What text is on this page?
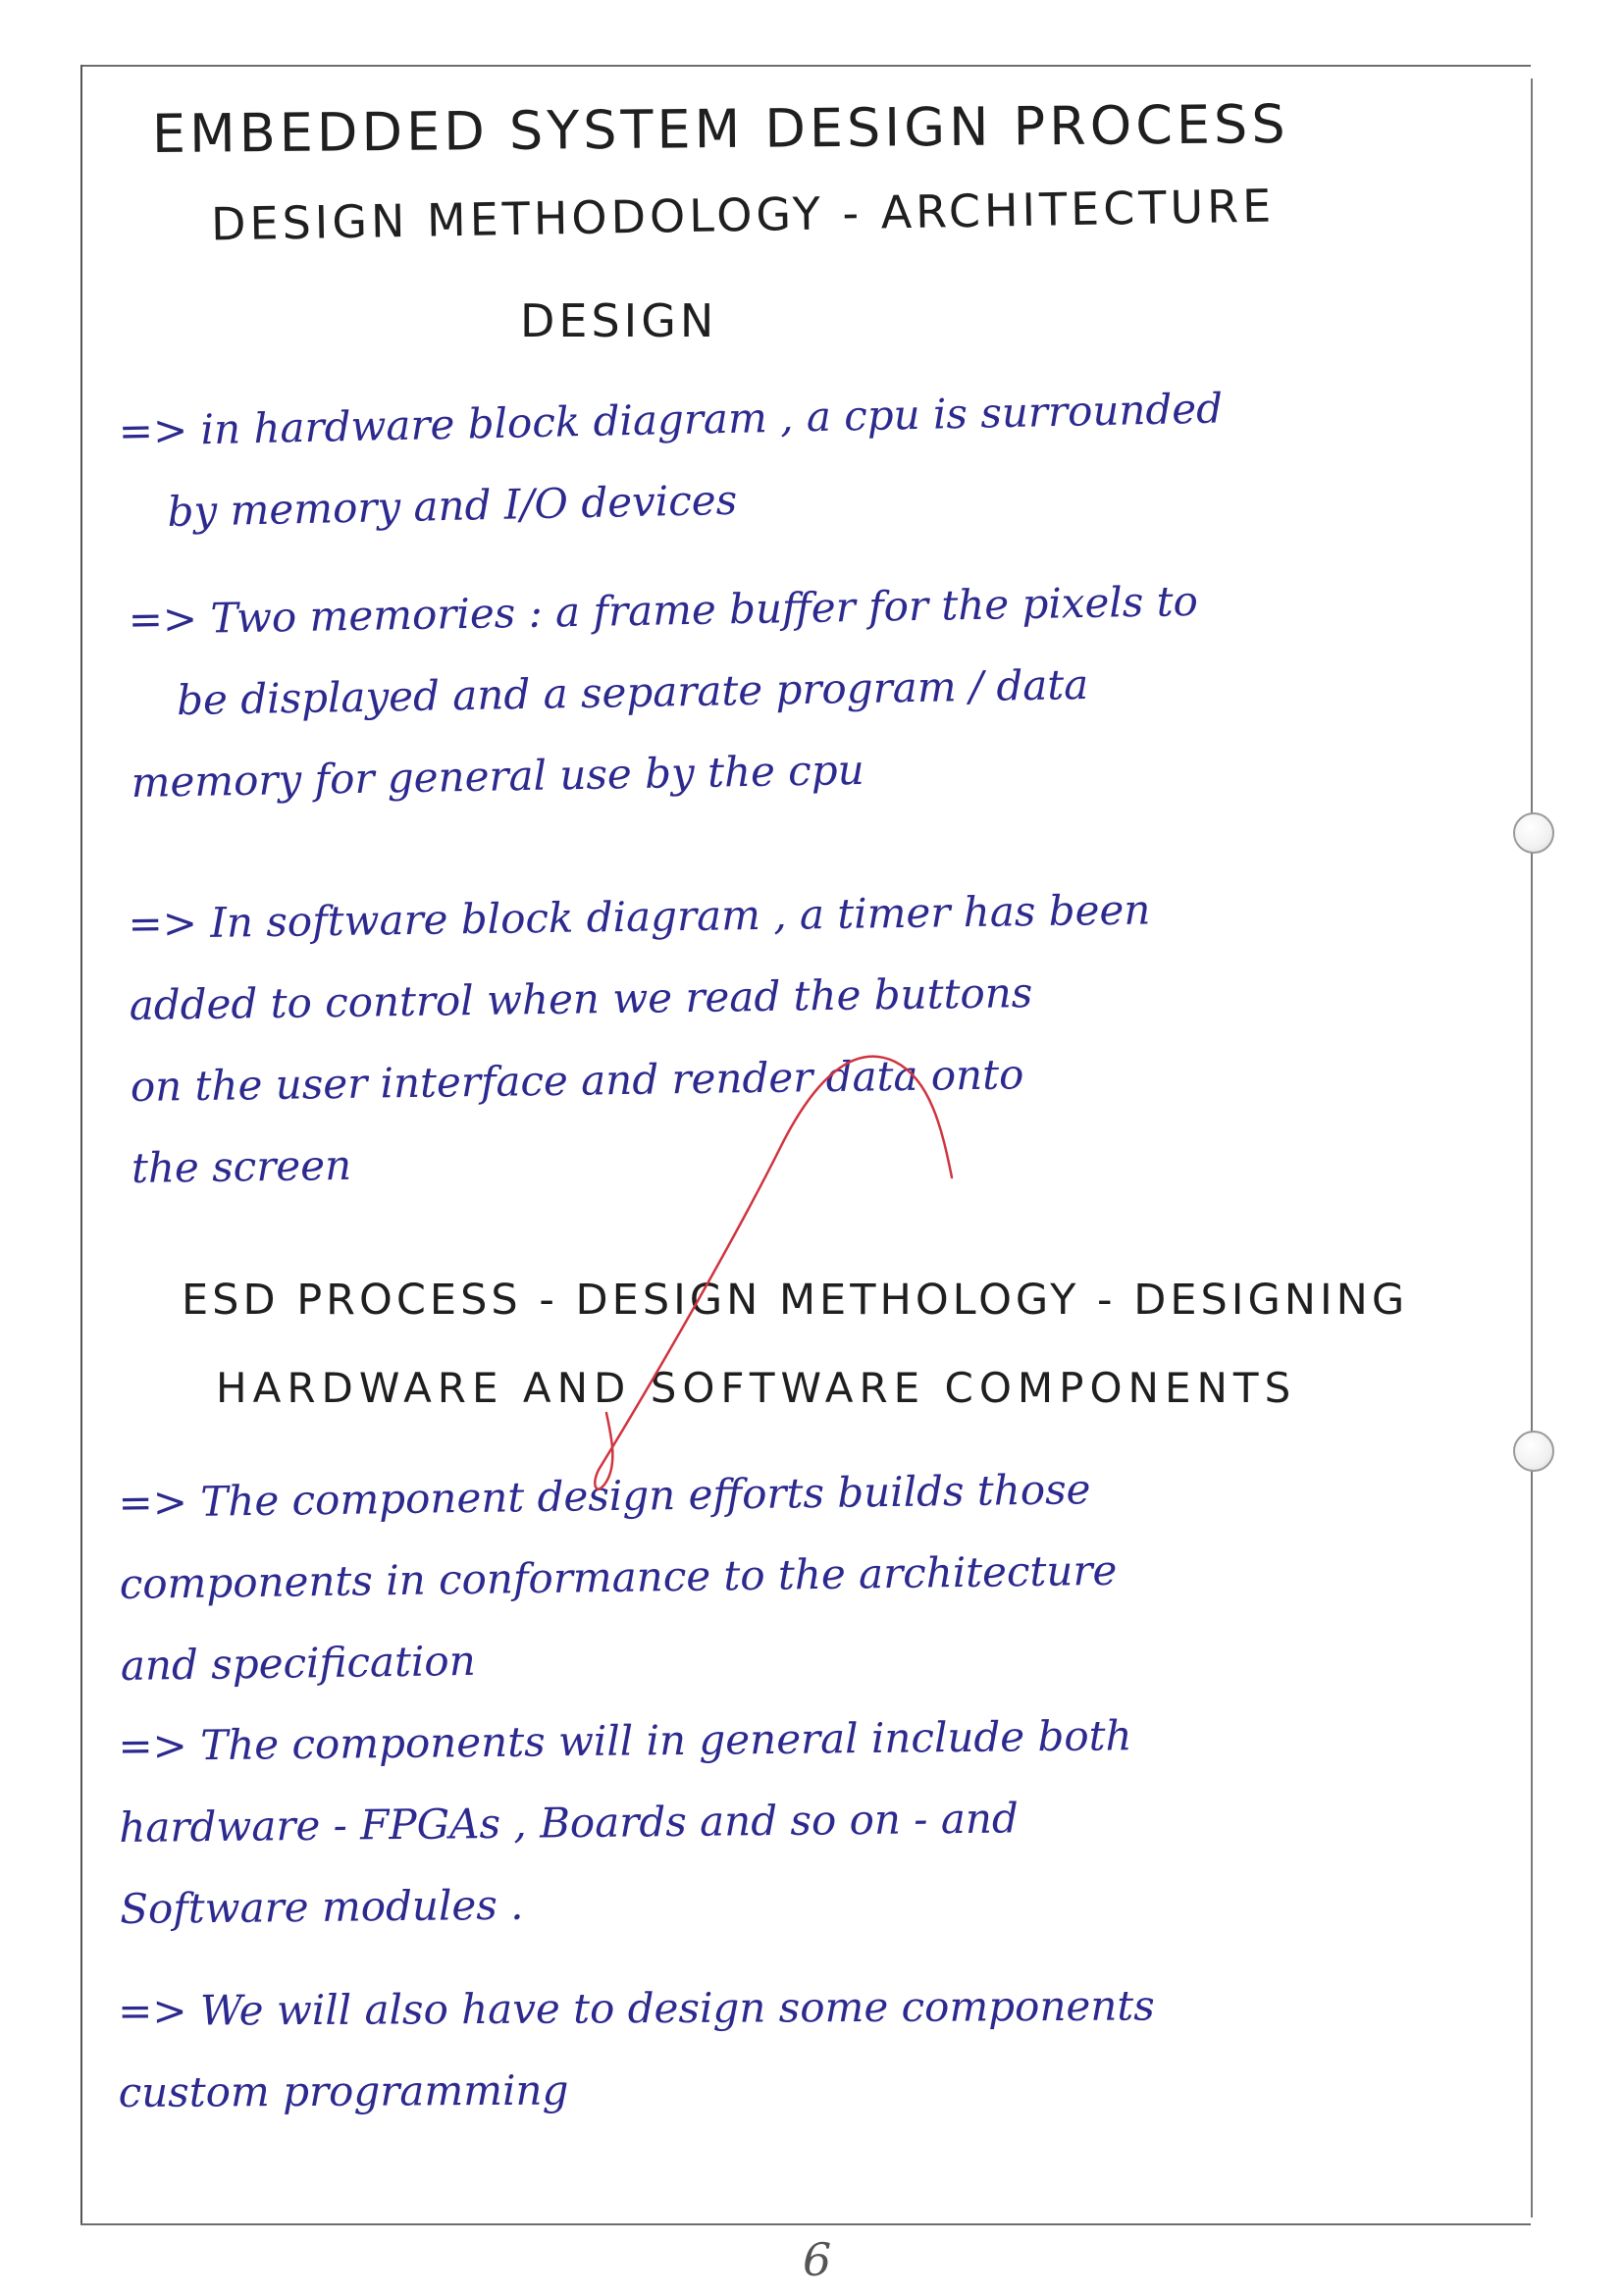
EMBEDDED SYSTEM DESIGN PROCESS
DESIGN METHODOLOGY - ARCHITECTURE
DESIGN
=> in hardware block diagram , a cpu is surrounded
by memory and I/O devices
=> Two memories : a frame buffer for the pixels to
be displayed and a separate program / data
memory for general use by the cpu
=> In software block diagram , a timer has been
added to control when we read the buttons
on the user interface and render data onto
the screen
ESD PROCESS - DESIGN METHOLOGY - DESIGNING
HARDWARE AND SOFTWARE COMPONENTS
=> The component design efforts builds those
components in conformance to the architecture
and specification
=> The components will in general include both
hardware - FPGAs , Boards and so on - and
Software modules .
=> We will also have to design some components
custom programming

6
